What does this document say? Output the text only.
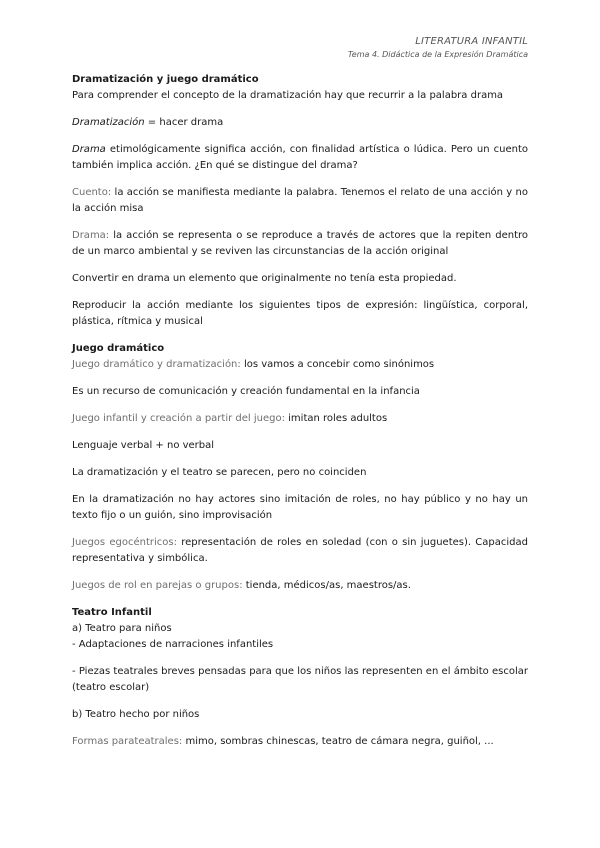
LITERATURA INFANTIL
Tema 4. Didáctica de la Expresión Dramática

Dramatización y juego dramático

Para comprender el concepto de la dramatización hay que recurrir a la palabra drama

Dramatización = hacer drama

Drama etimológicamente significa acción, con finalidad artística o lúdica. Pero un cuento también implica acción. ¿En qué se distingue del drama?

Cuento: la acción se manifiesta mediante la palabra. Tenemos el relato de una acción y no la acción misa

Drama: la acción se representa o se reproduce a través de actores que la repiten dentro de un marco ambiental y se reviven las circunstancias de la acción original

Convertir en drama un elemento que originalmente no tenía esta propiedad.

Reproducir la acción mediante los siguientes tipos de expresión: lingüística, corporal, plástica, rítmica y musical

Juego dramático

Juego dramático y dramatización: los vamos a concebir como sinónimos

Es un recurso de comunicación y creación fundamental en la infancia

Juego infantil y creación a partir del juego: imitan roles adultos

Lenguaje verbal + no verbal

La dramatización y el teatro se parecen, pero no coinciden

En la dramatización no hay actores sino imitación de roles, no hay público y no hay un texto fijo o un guión, sino improvisación

Juegos egocéntricos: representación de roles en soledad (con o sin juguetes). Capacidad representativa y simbólica.

Juegos de rol en parejas o grupos: tienda, médicos/as, maestros/as.

Teatro Infantil

a) Teatro para niños

- Adaptaciones de narraciones infantiles

- Piezas teatrales breves pensadas para que los niños las representen en el ámbito escolar (teatro escolar)

b) Teatro hecho por niños

Formas parateatrales: mimo, sombras chinescas, teatro de cámara negra, guiñol, ...
